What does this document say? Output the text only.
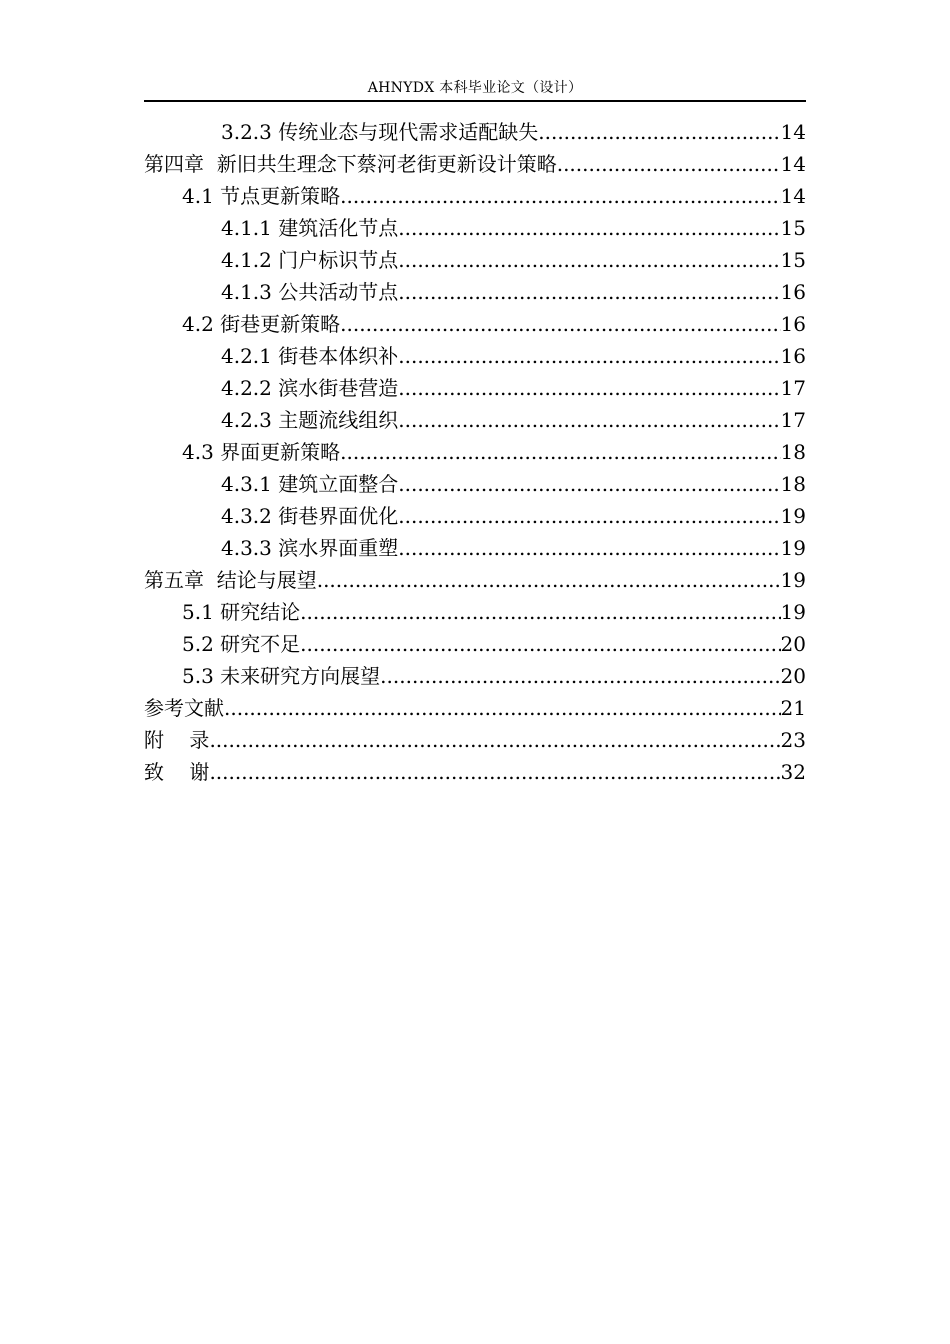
AHNYDX 本科毕业论文（设计）
3.2.3 传统业态与现代需求适配缺失 .....	14
第四章  新旧共生理念下蔡河老街更新设计策略 .....	14
4.1 节点更新策略 .....	14
4.1.1 建筑活化节点 .....	15
4.1.2 门户标识节点 .....	15
4.1.3 公共活动节点 .....	16
4.2 街巷更新策略 .....	16
4.2.1 街巷本体织补 .....	16
4.2.2 滨水街巷营造 .....	17
4.2.3 主题流线组织 .....	17
4.3 界面更新策略 .....	18
4.3.1 建筑立面整合 .....	18
4.3.2 街巷界面优化 .....	19
4.3.3 滨水界面重塑 .....	19
第五章  结论与展望 .....	19
5.1 研究结论 .....	19
5.2 研究不足 .....	20
5.3 未来研究方向展望 .....	20
参考文献 .....	21
附    录 .....	23
致    谢 .....	32
